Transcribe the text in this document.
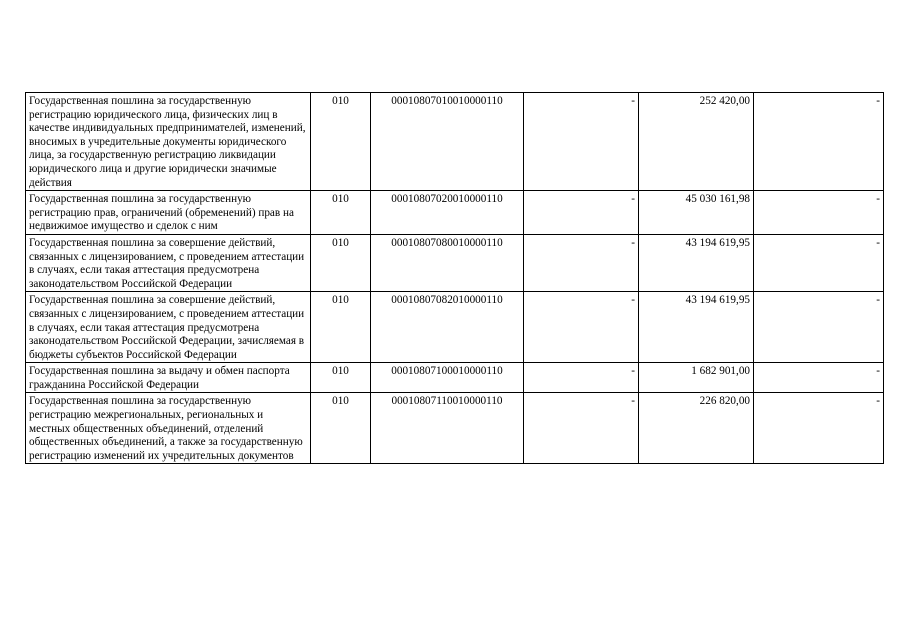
Государственная пошлина за государственную регистрацию юридического лица, физических лиц в качестве индивидуальных предпринимателей, изменений, вносимых в учредительные документы юридического лица, за государственную регистрацию ликвидации юридического лица и другие юридически значимые действия	010	00010807010010000110	-	252 420,00	-
Государственная пошлина за государственную регистрацию прав, ограничений (обременений) прав на недвижимое имущество и сделок с ним	010	00010807020010000110	-	45 030 161,98	-
Государственная пошлина за совершение действий, связанных с лицензированием, с проведением аттестации в случаях, если такая аттестация предусмотрена законодательством Российской Федерации	010	00010807080010000110	-	43 194 619,95	-
Государственная пошлина за совершение действий, связанных с лицензированием, с проведением аттестации в случаях, если такая аттестация предусмотрена законодательством Российской Федерации, зачисляемая в бюджеты субъектов Российской Федерации	010	00010807082010000110	-	43 194 619,95	-
Государственная пошлина за выдачу и обмен паспорта гражданина Российской Федерации	010	00010807100010000110	-	1 682 901,00	-
Государственная пошлина за государственную регистрацию межрегиональных, региональных и местных общественных объединений, отделений общественных объединений, а также за государственную регистрацию изменений их учредительных документов	010	00010807110010000110	-	226 820,00	-
